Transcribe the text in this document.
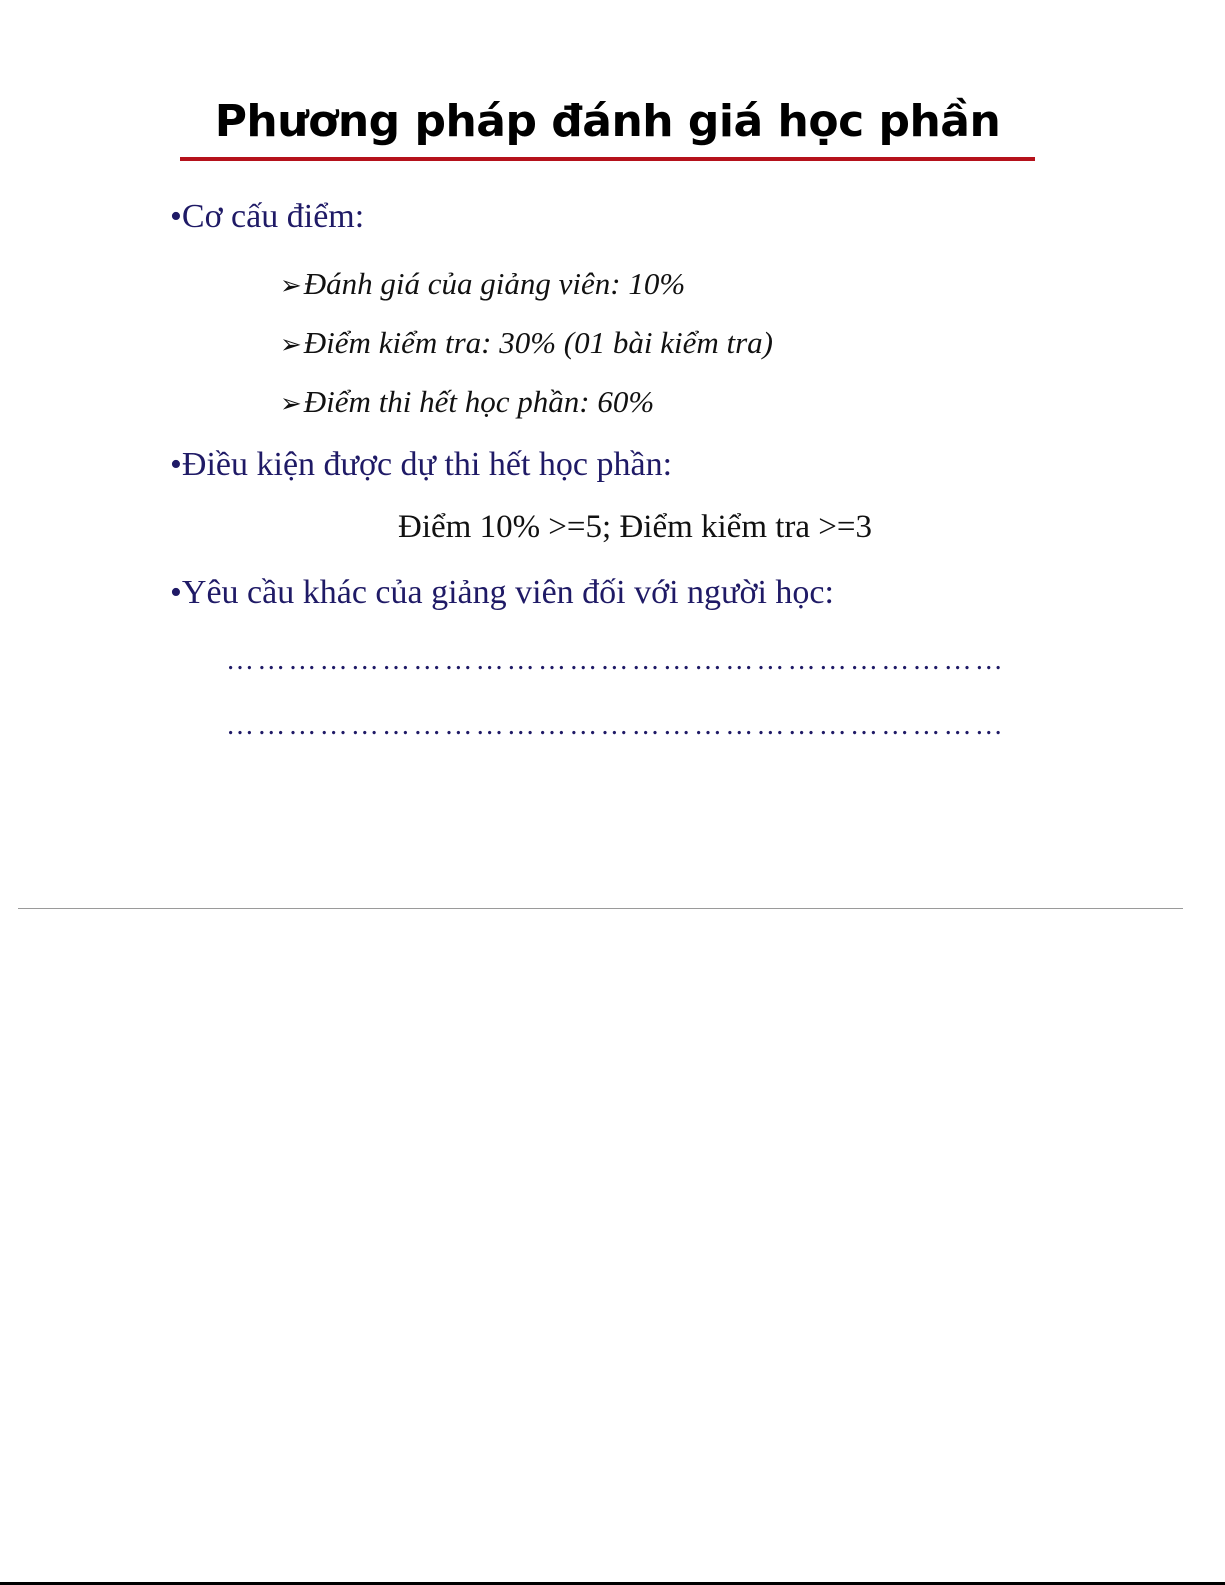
Phương pháp đánh giá học phần
•Cơ cấu điểm:
➢Đánh giá của giảng viên: 10%
➢Điểm kiểm tra: 30% (01 bài kiểm tra)
➢Điểm thi hết học phần: 60%
•Điều kiện được dự thi hết học phần:
Điểm 10% >=5; Điểm kiểm tra >=3
•Yêu cầu khác của giảng viên đối với người học:
…………………………………………………………………
…………………………………………………………………
